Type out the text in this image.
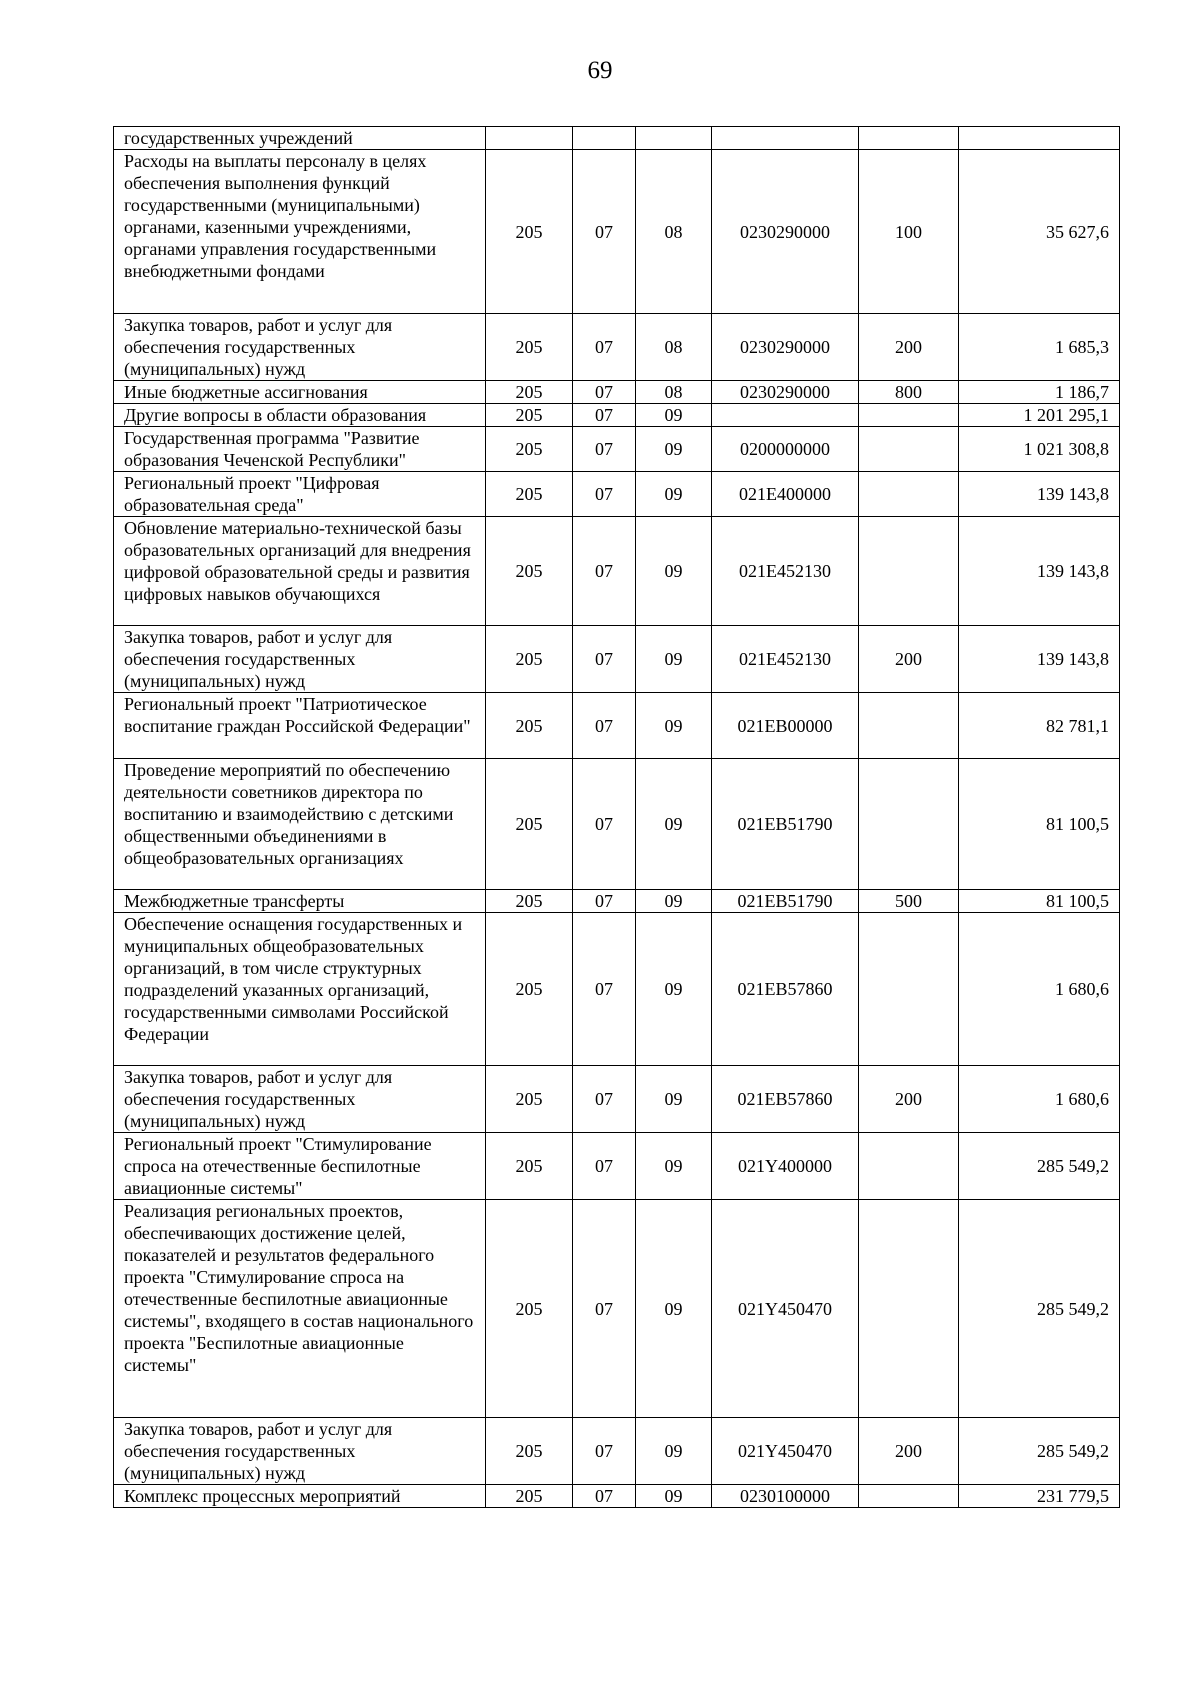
69
государственных учреждений						
Расходы на выплаты персоналу в целях обеспечения выполнения функций государственными (муниципальными) органами, казенными учреждениями, органами управления государственными внебюджетными фондами	205	07	08	0230290000	100	35 627,6
Закупка товаров, работ и услуг для обеспечения государственных (муниципальных) нужд	205	07	08	0230290000	200	1 685,3
Иные бюджетные ассигнования	205	07	08	0230290000	800	1 186,7
Другие вопросы в области образования	205	07	09			1 201 295,1
Государственная программа "Развитие образования Чеченской Республики"	205	07	09	0200000000		1 021 308,8
Региональный проект "Цифровая образовательная среда"	205	07	09	021E400000		139 143,8
Обновление материально-технической базы образовательных организаций для внедрения цифровой образовательной среды и развития цифровых навыков обучающихся	205	07	09	021E452130		139 143,8
Закупка товаров, работ и услуг для обеспечения государственных (муниципальных) нужд	205	07	09	021E452130	200	139 143,8
Региональный проект "Патриотическое воспитание граждан Российской Федерации"	205	07	09	021EB00000		82 781,1
Проведение мероприятий по обеспечению деятельности советников директора по воспитанию и взаимодействию с детскими общественными объединениями в общеобразовательных организациях	205	07	09	021EB51790		81 100,5
Межбюджетные трансферты	205	07	09	021EB51790	500	81 100,5
Обеспечение оснащения государственных и муниципальных общеобразовательных организаций, в том числе структурных подразделений указанных организаций, государственными символами Российской Федерации	205	07	09	021EB57860		1 680,6
Закупка товаров, работ и услуг для обеспечения государственных (муниципальных) нужд	205	07	09	021EB57860	200	1 680,6
Региональный проект "Стимулирование спроса на отечественные беспилотные авиационные системы"	205	07	09	021Y400000		285 549,2
Реализация региональных проектов, обеспечивающих достижение целей, показателей и результатов федерального проекта "Стимулирование спроса на отечественные беспилотные авиационные системы", входящего в состав национального проекта "Беспилотные авиационные системы"	205	07	09	021Y450470		285 549,2
Закупка товаров, работ и услуг для обеспечения государственных (муниципальных) нужд	205	07	09	021Y450470	200	285 549,2
Комплекс процессных мероприятий	205	07	09	0230100000		231 779,5
